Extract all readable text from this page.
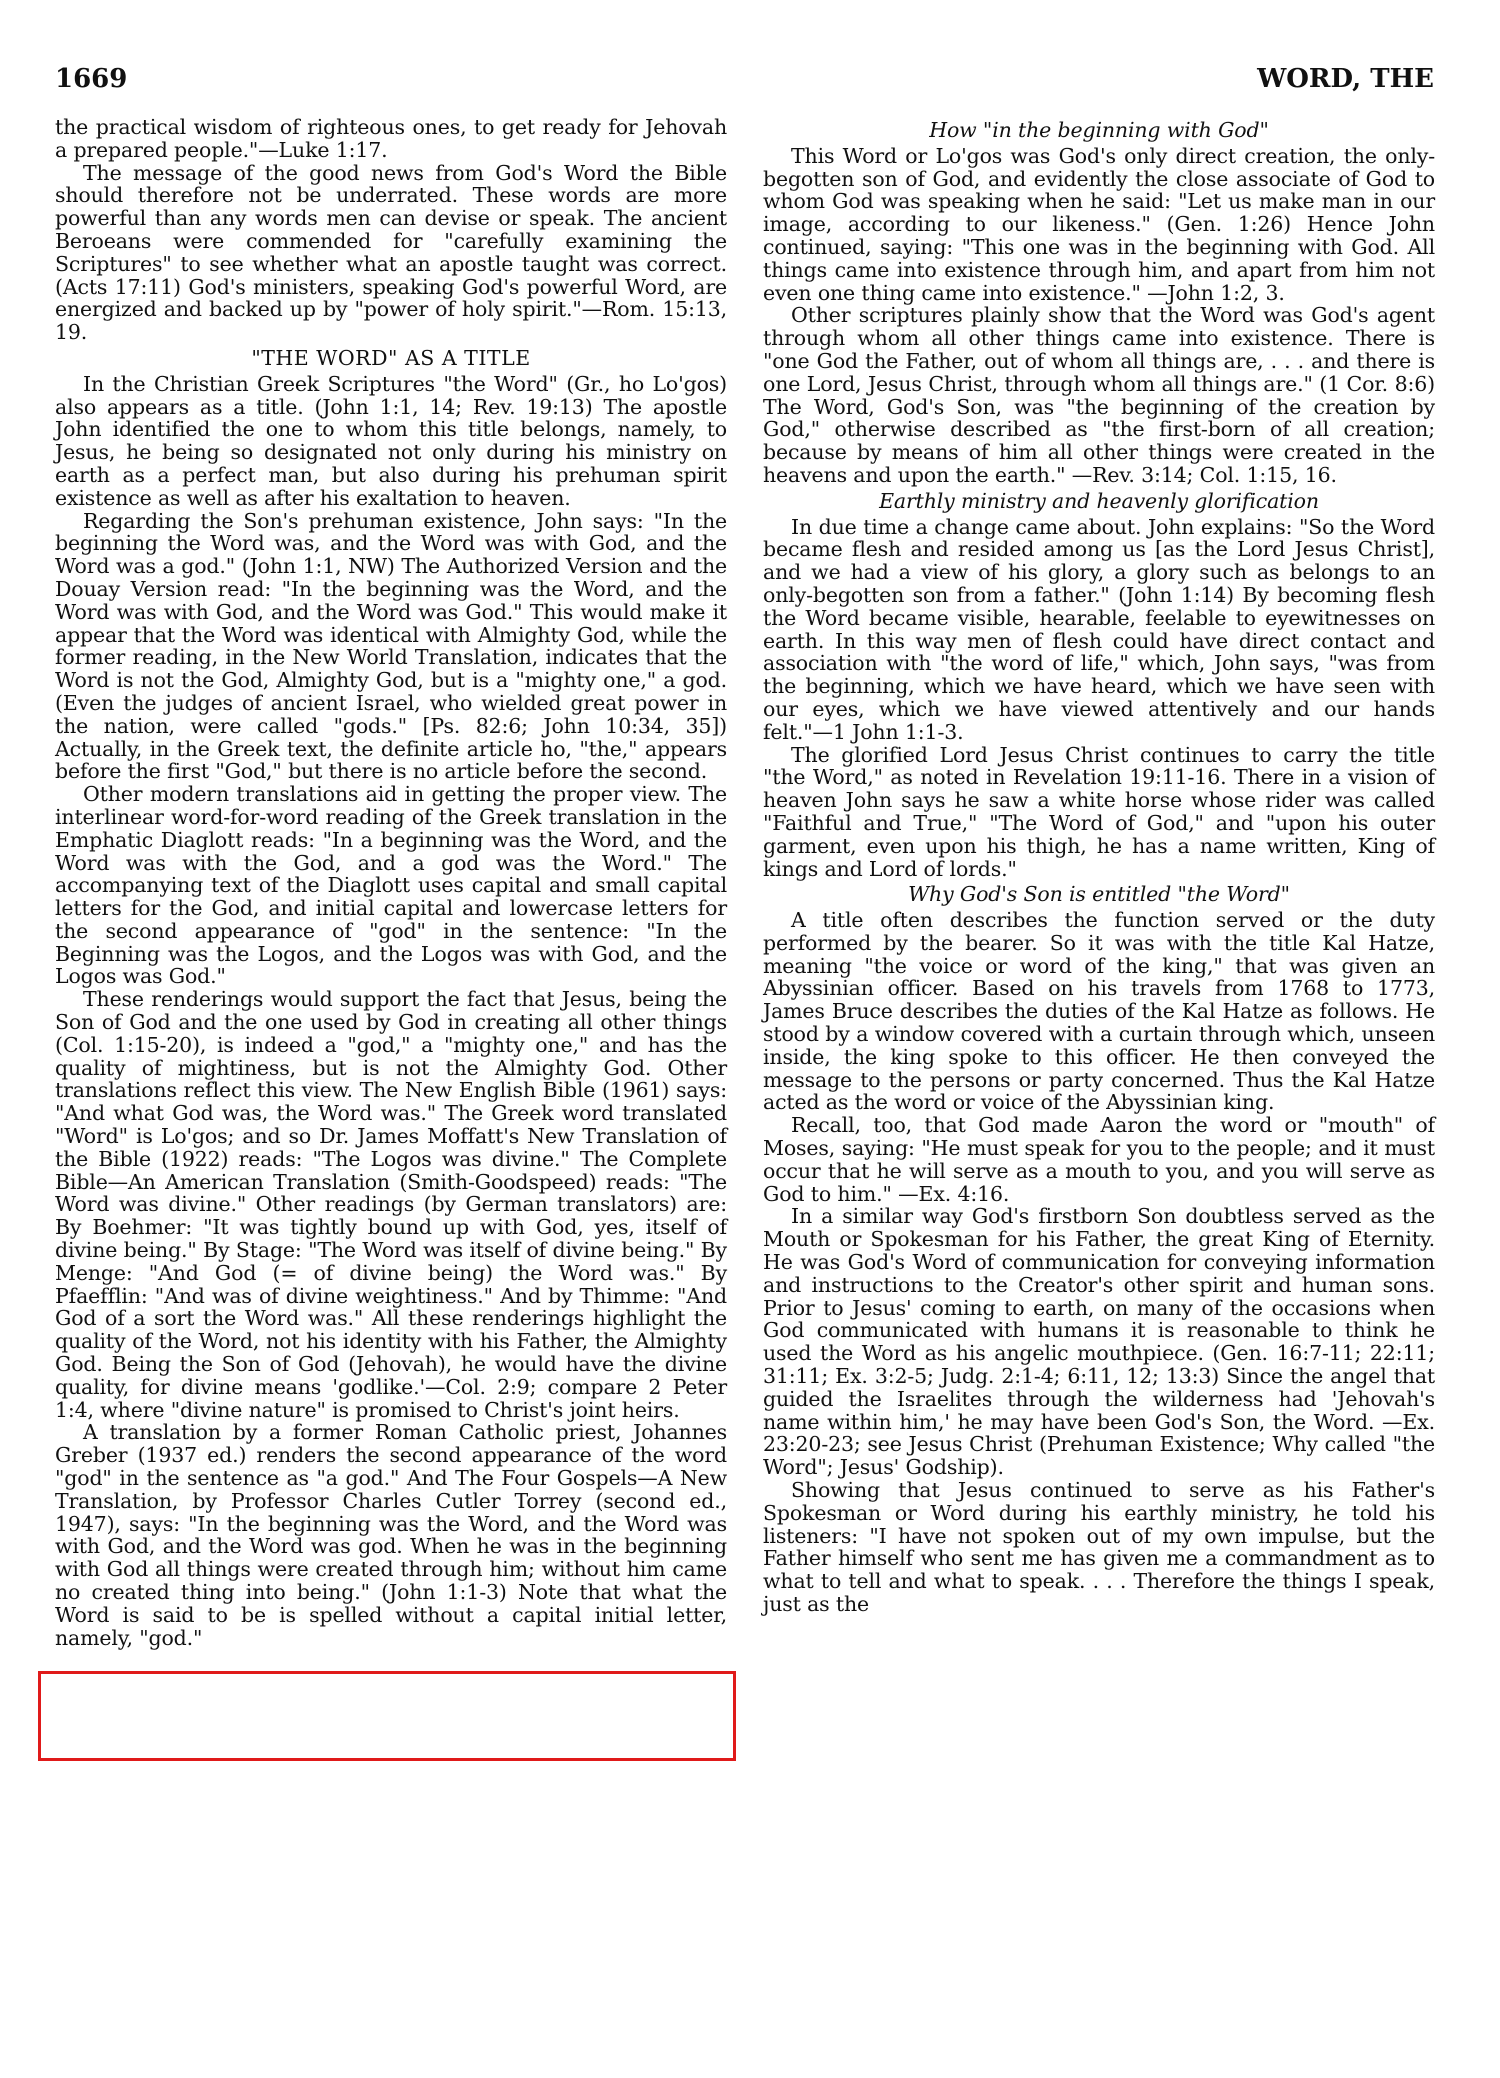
1669	WORD, THE

the practical wisdom of righteous ones, to get ready for Jehovah a prepared people."—Luke 1:17.

The message of the good news from God's Word the Bible should therefore not be underrated. These words are more powerful than any words men can devise or speak. The ancient Beroeans were commended for "carefully examining the Scriptures" to see whether what an apostle taught was correct. (Acts 17:11) God's ministers, speaking God's powerful Word, are energized and backed up by "power of holy spirit."—Rom. 15:13, 19.

"THE WORD" AS A TITLE

In the Christian Greek Scriptures "the Word" (Gr., ho Lo'gos) also appears as a title. (John 1:1, 14; Rev. 19:13) The apostle John identified the one to whom this title belongs, namely, to Jesus, he being so designated not only during his ministry on earth as a perfect man, but also during his prehuman spirit existence as well as after his exaltation to heaven.

Regarding the Son's prehuman existence, John says: "In the beginning the Word was, and the Word was with God, and the Word was a god." (John 1:1, NW) The Authorized Version and the Douay Version read: "In the beginning was the Word, and the Word was with God, and the Word was God." This would make it appear that the Word was identical with Almighty God, while the former reading, in the New World Translation, indicates that the Word is not the God, Almighty God, but is a "mighty one," a god. (Even the judges of ancient Israel, who wielded great power in the nation, were called "gods." [Ps. 82:6; John 10:34, 35]) Actually, in the Greek text, the definite article ho, "the," appears before the first "God," but there is no article before the second.

Other modern translations aid in getting the proper view. The interlinear word-for-word reading of the Greek translation in the Emphatic Diaglott reads: "In a beginning was the Word, and the Word was with the God, and a god was the Word." The accompanying text of the Diaglott uses capital and small capital letters for the God, and initial capital and lowercase letters for the second appearance of "god" in the sentence: "In the Beginning was the Logos, and the Logos was with God, and the Logos was God."

These renderings would support the fact that Jesus, being the Son of God and the one used by God in creating all other things (Col. 1:15-20), is indeed a "god," a "mighty one," and has the quality of mightiness, but is not the Almighty God. Other translations reflect this view. The New English Bible (1961) says: "And what God was, the Word was." The Greek word translated "Word" is Lo'gos; and so Dr. James Moffatt's New Translation of the Bible (1922) reads: "The Logos was divine." The Complete Bible—An American Translation (Smith-Goodspeed) reads: "The Word was divine." Other readings (by German translators) are: By Boehmer: "It was tightly bound up with God, yes, itself of divine being." By Stage: "The Word was itself of divine being." By Menge: "And God (= of divine being) the Word was." By Pfaefflin: "And was of divine weightiness." And by Thimme: "And God of a sort the Word was." All these renderings highlight the quality of the Word, not his identity with his Father, the Almighty God. Being the Son of God (Jehovah), he would have the divine quality, for divine means 'godlike.'—Col. 2:9; compare 2 Peter 1:4, where "divine nature" is promised to Christ's joint heirs.

A translation by a former Roman Catholic priest, Johannes Greber (1937 ed.) renders the second appearance of the word "god" in the sentence as "a god." And The Four Gospels—A New Translation, by Professor Charles Cutler Torrey (second ed., 1947), says: "In the beginning was the Word, and the Word was with God, and the Word was god. When he was in the beginning with God all things were created through him; without him came no created thing into being." (John 1:1-3) Note that what the Word is said to be is spelled without a capital initial letter, namely, "god."

How "in the beginning with God"

This Word or Lo'gos was God's only direct creation, the only-begotten son of God, and evidently the close associate of God to whom God was speaking when he said: "Let us make man in our image, according to our likeness." (Gen. 1:26) Hence John continued, saying: "This one was in the beginning with God. All things came into existence through him, and apart from him not even one thing came into existence." —John 1:2, 3.

Other scriptures plainly show that the Word was God's agent through whom all other things came into existence. There is "one God the Father, out of whom all things are, . . . and there is one Lord, Jesus Christ, through whom all things are." (1 Cor. 8:6) The Word, God's Son, was "the beginning of the creation by God," otherwise described as "the first-born of all creation; because by means of him all other things were created in the heavens and upon the earth." —Rev. 3:14; Col. 1:15, 16.

Earthly ministry and heavenly glorification

In due time a change came about. John explains: "So the Word became flesh and resided among us [as the Lord Jesus Christ], and we had a view of his glory, a glory such as belongs to an only-begotten son from a father." (John 1:14) By becoming flesh the Word became visible, hearable, feelable to eyewitnesses on earth. In this way men of flesh could have direct contact and association with "the word of life," which, John says, "was from the beginning, which we have heard, which we have seen with our eyes, which we have viewed attentively and our hands felt."—1 John 1:1-3.

The glorified Lord Jesus Christ continues to carry the title "the Word," as noted in Revelation 19:11-16. There in a vision of heaven John says he saw a white horse whose rider was called "Faithful and True," "The Word of God," and "upon his outer garment, even upon his thigh, he has a name written, King of kings and Lord of lords."

Why God's Son is entitled "the Word"

A title often describes the function served or the duty performed by the bearer. So it was with the title Kal Hatze, meaning "the voice or word of the king," that was given an Abyssinian officer. Based on his travels from 1768 to 1773, James Bruce describes the duties of the Kal Hatze as follows. He stood by a window covered with a curtain through which, unseen inside, the king spoke to this officer. He then conveyed the message to the persons or party concerned. Thus the Kal Hatze acted as the word or voice of the Abyssinian king.

Recall, too, that God made Aaron the word or "mouth" of Moses, saying: "He must speak for you to the people; and it must occur that he will serve as a mouth to you, and you will serve as God to him." —Ex. 4:16.

In a similar way God's firstborn Son doubtless served as the Mouth or Spokesman for his Father, the great King of Eternity. He was God's Word of communication for conveying information and instructions to the Creator's other spirit and human sons. Prior to Jesus' coming to earth, on many of the occasions when God communicated with humans it is reasonable to think he used the Word as his angelic mouthpiece. (Gen. 16:7-11; 22:11; 31:11; Ex. 3:2-5; Judg. 2:1-4; 6:11, 12; 13:3) Since the angel that guided the Israelites through the wilderness had 'Jehovah's name within him,' he may have been God's Son, the Word. —Ex. 23:20-23; see Jesus Christ (Prehuman Existence; Why called "the Word"; Jesus' Godship).

Showing that Jesus continued to serve as his Father's Spokesman or Word during his earthly ministry, he told his listeners: "I have not spoken out of my own impulse, but the Father himself who sent me has given me a commandment as to what to tell and what to speak. . . . Therefore the things I speak, just as the
